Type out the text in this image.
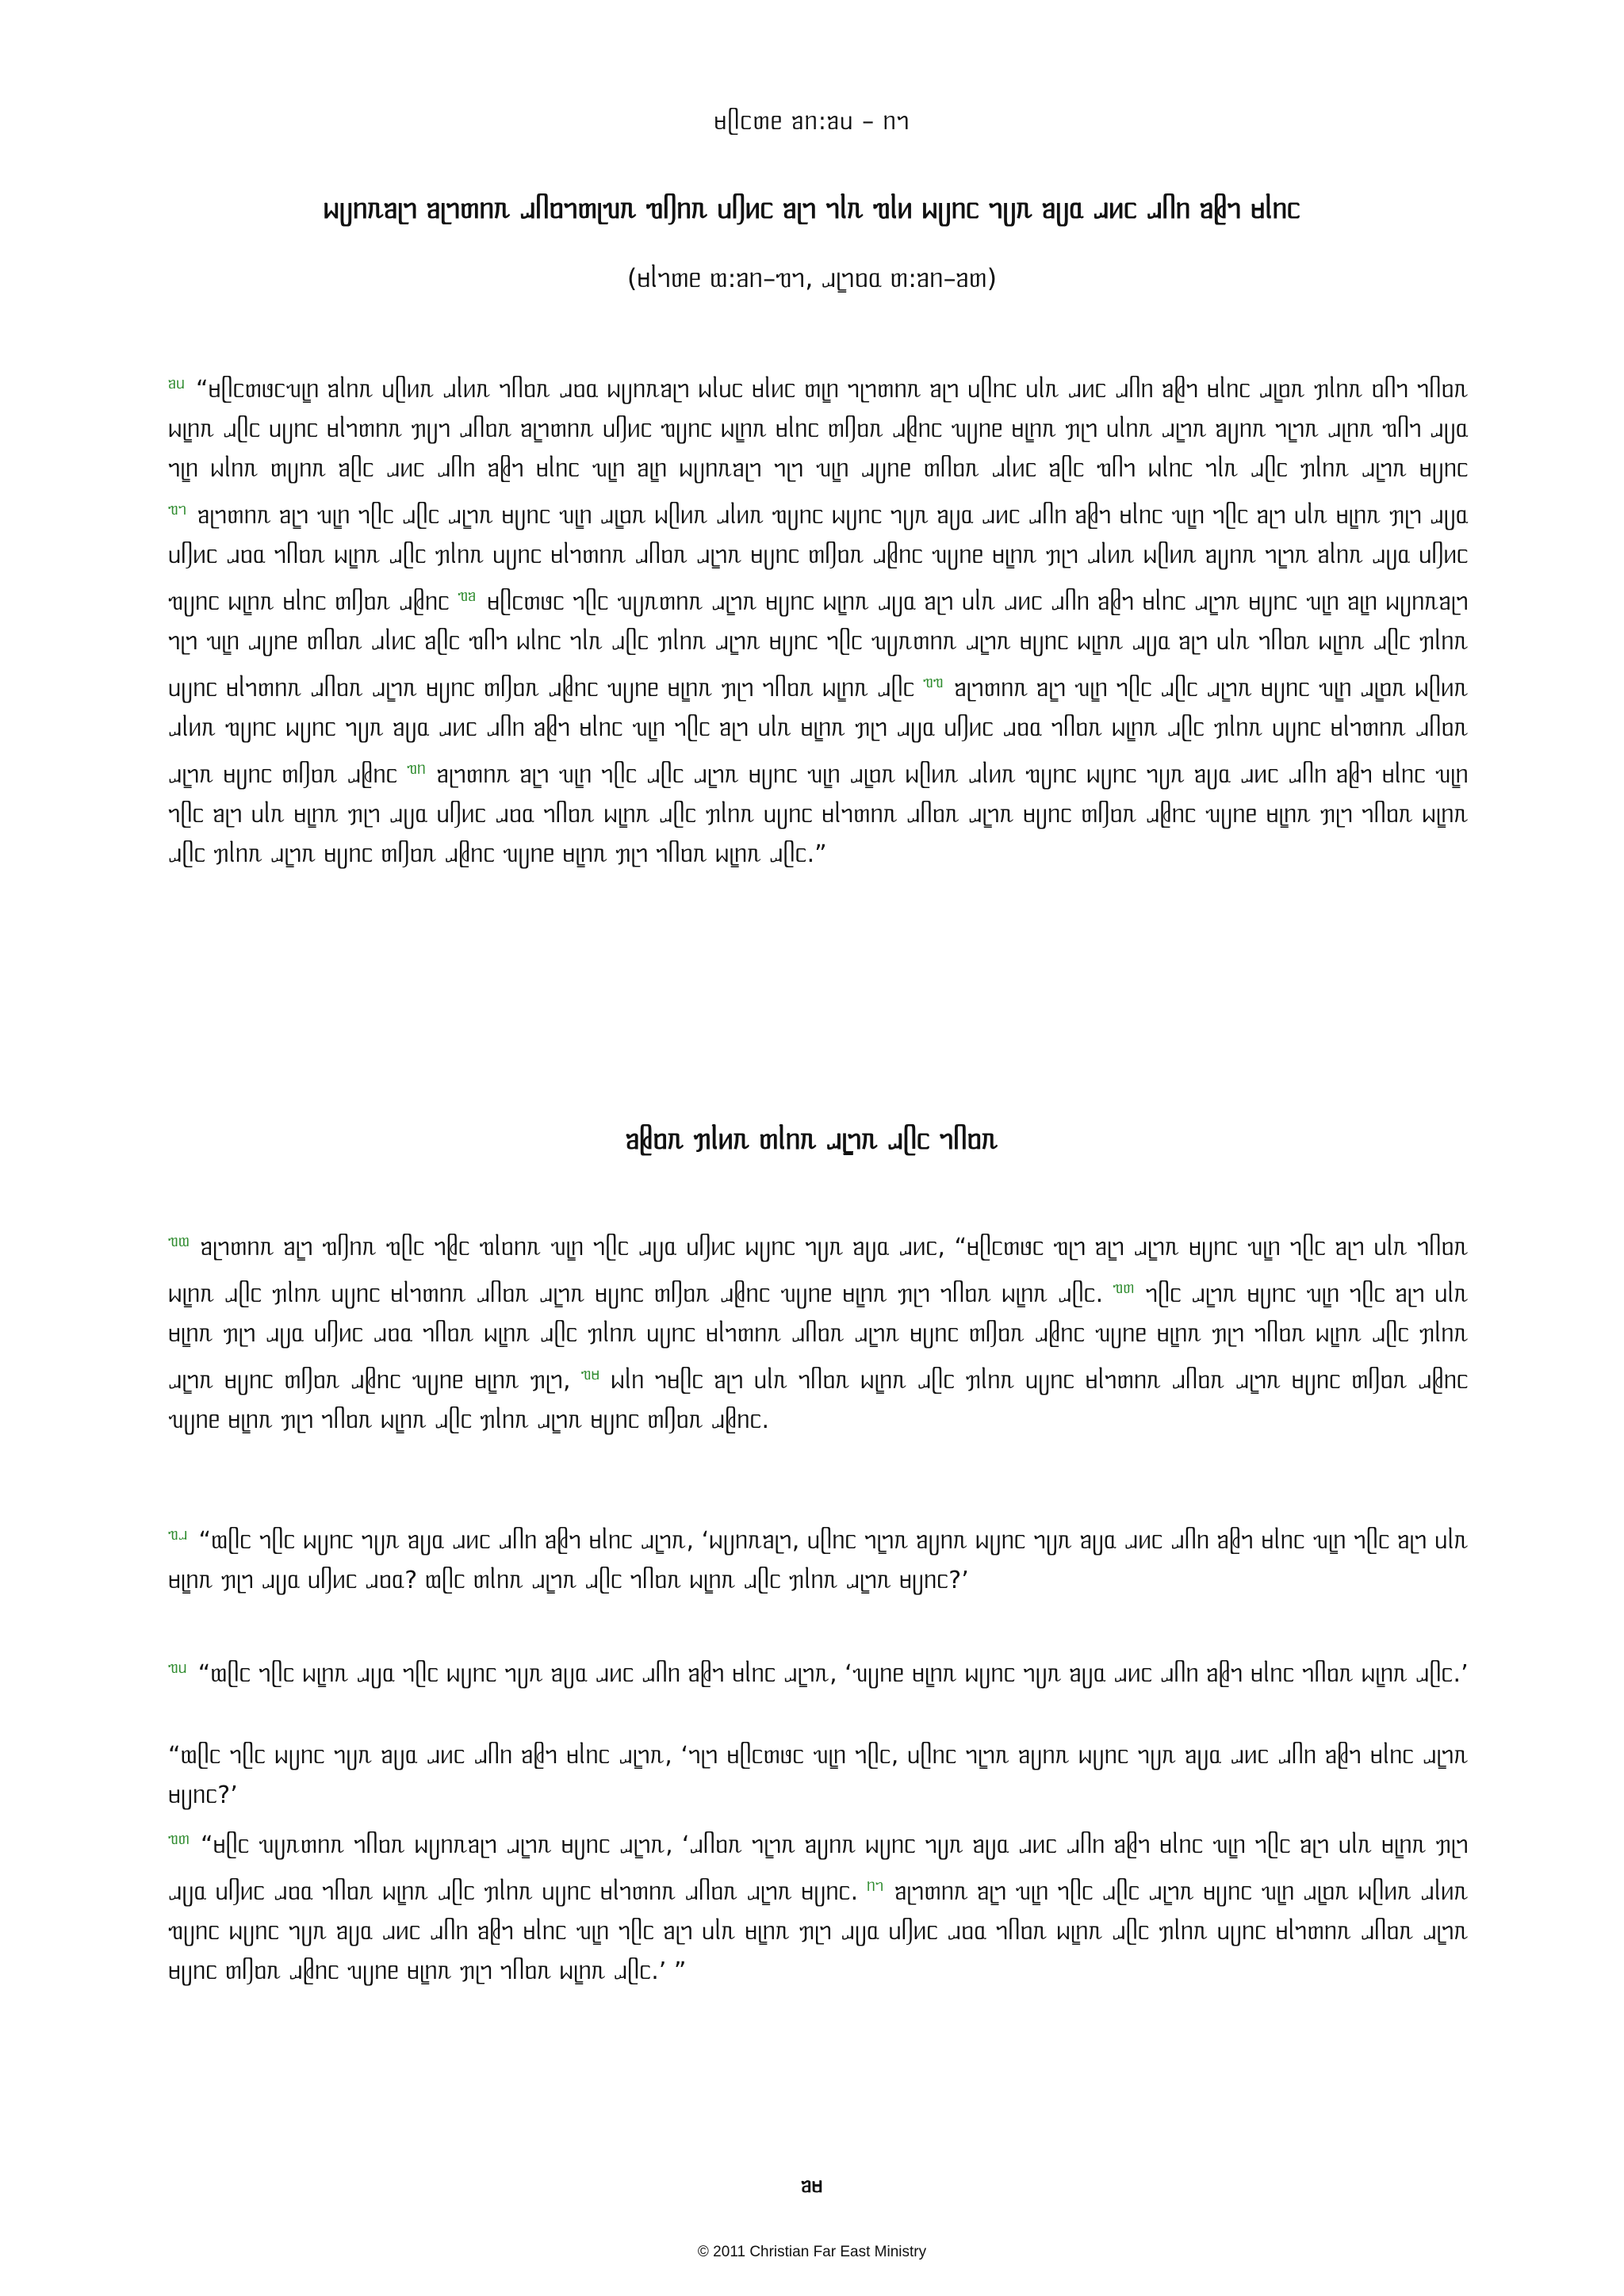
ᥛᥫᥴᥖᥱ ᥑᥒ:ᥑᥙ – ᥒᥐ
ᥕᥩᥒᥰᥑᥨᥐ ᥑᥨᥐᥖᥒᥰ ᥘᥥᥝᥐᥖᥨᥔᥰ ᥓᥦᥒᥰ ᥙᥦᥢᥴ ᥑᥨᥐ ᥐᥣᥰ ᥓᥣᥢ ᥕᥩᥒᥴ ᥐᥩᥰ ᥑᥩᥲ ᥘᥢᥴ ᥘᥥᥒ ᥑᥪᥐ ᥛᥣᥒᥴ
(ᥛᥣᥐᥖᥱ ᥗ:ᥑᥒ–ᥓᥐ, ᥘᥧᥐᥝᥲ ᥖ:ᥑᥒ–ᥑᥖ)
$^{ᥑᥙ}$ “ᥛᥫᥴᥖᥳᥴᥔᥧᥒ ᥑᥣᥒᥰ ᥙᥫᥢᥰ ᥘᥣᥢᥰ ᥐᥥᥝᥰ ᥘᥝᥲ ᥕᥩᥒᥰᥑᥨᥐ ᥕᥣᥙᥴ ᥛᥣᥢᥴ ᥖᥧᥒ ᥐᥨᥐᥖᥒᥰ ᥑᥨᥐ ᥙᥫᥒᥴ ᥙᥣᥰ ᥘᥢᥴ ᥘᥥᥒ ᥑᥪᥐ ᥛᥣᥒᥴ ᥘᥧᥝᥰ ᥟᥣᥒᥰ ᥝᥥᥐ ᥐᥥᥝᥰ ᥕᥧᥒᥰ ᥘᥫᥴ ᥙᥩᥒᥴ ᥛᥣᥐᥖᥒᥰ ᥟᥩᥐ ᥘᥥᥝᥰ ᥑᥧᥐᥖᥒᥰ ᥙᥦᥢᥴ ᥓᥩᥒᥴ ᥕᥧᥒᥰ ᥛᥣᥒᥴ ᥖᥦᥝᥰ ᥘᥪᥒᥴ ᥔᥩᥒᥱ ᥛᥧᥒᥰ ᥟᥨᥐ ᥙᥣᥒᥰ ᥘᥧᥐᥰ ᥑᥩᥒᥰ ᥐᥧᥐᥰ ᥘᥨᥒᥰ ᥓᥥᥐ ᥘᥩᥲ ᥐᥧᥒ ᥕᥣᥒᥰ ᥖᥩᥒᥰ ᥑᥫᥴ ᥘᥢᥴ ᥘᥥᥒ ᥑᥪᥐ ᥛᥣᥒᥴ ᥔᥧᥒ ᥑᥧᥒ ᥕᥩᥒᥰᥑᥨᥐ ᥐᥨᥐ ᥔᥧᥒ ᥘᥩᥒᥱ ᥖᥥᥝᥰ ᥘᥣᥢᥴ ᥑᥫᥴ ᥓᥥᥐ ᥕᥣᥒᥴ ᥐᥣᥰ ᥘᥫᥴ ᥟᥣᥒᥰ ᥘᥧᥐᥰ ᥛᥩᥒᥴ $^{ᥓᥐ}$ ᥑᥨᥐᥖᥒᥰ ᥑᥧᥐ ᥔᥧᥒ ᥐᥫᥴ ᥘᥫᥴ ᥘᥧᥐᥰ ᥛᥩᥒᥴ ᥔᥧᥒ ᥘᥧᥝᥰ ᥕᥫᥢᥰ ᥘᥣᥢᥰ ᥓᥩᥒᥴ ᥕᥩᥒᥴ ᥐᥩᥰ ᥑᥩᥲ ᥘᥢᥴ ᥘᥥᥒ ᥑᥪᥐ ᥛᥣᥒᥴ ᥔᥧᥒ ᥐᥫᥴ ᥑᥨᥐ ᥙᥣᥰ ᥛᥧᥒᥰ ᥟᥨᥐ ᥘᥩᥲ ᥙᥦᥢᥴ ᥘᥝᥲ ᥐᥥᥝᥰ ᥕᥧᥒᥰ ᥘᥫᥴ ᥟᥣᥒᥰ ᥙᥩᥒᥴ ᥛᥣᥐᥖᥒᥰ ᥘᥥᥝᥰ ᥘᥧᥐᥰ ᥛᥩᥒᥴ ᥖᥦᥝᥰ ᥘᥪᥒᥴ ᥔᥩᥒᥱ ᥛᥧᥒᥰ ᥟᥨᥐ ᥘᥣᥢᥰ ᥕᥫᥢᥰ ᥑᥩᥒᥰ ᥐᥧᥐᥰ ᥑᥣᥒᥰ ᥘᥩᥲ ᥙᥦᥢᥴ ᥓᥩᥒᥴ ᥕᥧᥒᥰ ᥛᥣᥒᥴ ᥖᥦᥝᥰ ᥘᥪᥒᥴ $^{ᥓᥑ}$ ᥛᥫᥴᥖᥳᥴ ᥐᥫᥴ ᥔᥩᥰᥖᥒᥰ ᥘᥧᥐᥰ ᥛᥩᥒᥴ ᥕᥧᥒᥰ ᥘᥩᥲ ᥑᥨᥐ ᥙᥣᥰ ᥘᥢᥴ ᥘᥥᥒ ᥑᥪᥐ ᥛᥣᥒᥴ ᥘᥧᥐᥰ ᥛᥩᥒᥴ ᥔᥧᥒ ᥑᥧᥒ ᥕᥩᥒᥰᥑᥨᥐ ᥐᥨᥐ ᥔᥧᥒ ᥘᥩᥒᥱ ᥖᥥᥝᥰ ᥘᥣᥢᥴ ᥑᥫᥴ ᥓᥥᥐ ᥕᥣᥒᥴ ᥐᥣᥰ ᥘᥫᥴ ᥟᥣᥒᥰ ᥘᥧᥐᥰ ᥛᥩᥒᥴ ᥐᥫᥴ ᥔᥩᥰᥖᥒᥰ ᥘᥧᥐᥰ ᥛᥩᥒᥴ ᥕᥧᥒᥰ ᥘᥩᥲ ᥑᥨᥐ ᥙᥣᥰ ᥐᥥᥝᥰ ᥕᥧᥒᥰ ᥘᥫᥴ ᥟᥣᥒᥰ ᥙᥩᥒᥴ ᥛᥣᥐᥖᥒᥰ ᥘᥥᥝᥰ ᥘᥧᥐᥰ ᥛᥩᥒᥴ ᥖᥦᥝᥰ ᥘᥪᥒᥴ ᥔᥩᥒᥱ ᥛᥧᥒᥰ ᥟᥨᥐ ᥐᥥᥝᥰ ᥕᥧᥒᥰ ᥘᥫᥴ $^{ᥓᥓ}$ ᥑᥨᥐᥖᥒᥰ ᥑᥧᥐ ᥔᥧᥒ ᥐᥫᥴ ᥘᥫᥴ ᥘᥧᥐᥰ ᥛᥩᥒᥴ ᥔᥧᥒ ᥘᥧᥝᥰ ᥕᥫᥢᥰ ᥘᥣᥢᥰ ᥓᥩᥒᥴ ᥕᥩᥒᥴ ᥐᥩᥰ ᥑᥩᥲ ᥘᥢᥴ ᥘᥥᥒ ᥑᥪᥐ ᥛᥣᥒᥴ ᥔᥧᥒ ᥐᥫᥴ ᥑᥨᥐ ᥙᥣᥰ ᥛᥧᥒᥰ ᥟᥨᥐ ᥘᥩᥲ ᥙᥦᥢᥴ ᥘᥝᥲ ᥐᥥᥝᥰ ᥕᥧᥒᥰ ᥘᥫᥴ ᥟᥣᥒᥰ ᥙᥩᥒᥴ ᥛᥣᥐᥖᥒᥰ ᥘᥥᥝᥰ ᥘᥧᥐᥰ ᥛᥩᥒᥴ ᥖᥦᥝᥰ ᥘᥪᥒᥴ $^{ᥓᥒ}$ ᥑᥨᥐᥖᥒᥰ ᥑᥧᥐ ᥔᥧᥒ ᥐᥫᥴ ᥘᥫᥴ ᥘᥧᥐᥰ ᥛᥩᥒᥴ ᥔᥧᥒ ᥘᥧᥝᥰ ᥕᥫᥢᥰ ᥘᥣᥢᥰ ᥓᥩᥒᥴ ᥕᥩᥒᥴ ᥐᥩᥰ ᥑᥩᥲ ᥘᥢᥴ ᥘᥥᥒ ᥑᥪᥐ ᥛᥣᥒᥴ ᥔᥧᥒ ᥐᥫᥴ ᥑᥨᥐ ᥙᥣᥰ ᥛᥧᥒᥰ ᥟᥨᥐ ᥘᥩᥲ ᥙᥦᥢᥴ ᥘᥝᥲ ᥐᥥᥝᥰ ᥕᥧᥒᥰ ᥘᥫᥴ ᥟᥣᥒᥰ ᥙᥩᥒᥴ ᥛᥣᥐᥖᥒᥰ ᥘᥥᥝᥰ ᥘᥧᥐᥰ ᥛᥩᥒᥴ ᥖᥦᥝᥰ ᥘᥪᥒᥴ ᥔᥩᥒᥱ ᥛᥧᥒᥰ ᥟᥨᥐ ᥐᥥᥝᥰ ᥕᥧᥒᥰ ᥘᥫᥴ ᥟᥣᥒᥰ ᥘᥧᥐᥰ ᥛᥩᥒᥴ ᥖᥦᥝᥰ ᥘᥪᥒᥴ ᥔᥩᥒᥱ ᥛᥧᥒᥰ ᥟᥨᥐ ᥐᥥᥝᥰ ᥕᥧᥒᥰ ᥘᥫᥴ.”
ᥑᥪᥝᥰ ᥟᥣᥢᥰ ᥖᥣᥒᥰ ᥘᥧᥐᥰ ᥘᥫᥴ ᥐᥥᥝᥰ
$^{ᥓᥗ}$ ᥑᥨᥐᥖᥒᥰ ᥑᥧᥐ ᥓᥦᥒᥰ ᥓᥫᥴ ᥐᥪᥴ ᥓᥣᥝᥒᥰ ᥔᥧᥒ ᥐᥫᥴ ᥘᥩᥲ ᥙᥦᥢᥴ ᥕᥩᥒᥴ ᥐᥩᥰ ᥑᥩᥲ ᥘᥢᥴ, “ᥛᥫᥴᥖᥳᥴ ᥓᥨᥐ ᥑᥧᥐ ᥘᥧᥐᥰ ᥛᥩᥒᥴ ᥔᥧᥒ ᥐᥫᥴ ᥑᥨᥐ ᥙᥣᥰ ᥐᥥᥝᥰ ᥕᥧᥒᥰ ᥘᥫᥴ ᥟᥣᥒᥰ ᥙᥩᥒᥴ ᥛᥣᥐᥖᥒᥰ ᥘᥥᥝᥰ ᥘᥧᥐᥰ ᥛᥩᥒᥴ ᥖᥦᥝᥰ ᥘᥪᥒᥴ ᥔᥩᥒᥱ ᥛᥧᥒᥰ ᥟᥨᥐ ᥐᥥᥝᥰ ᥕᥧᥒᥰ ᥘᥫᥴ. $^{ᥓᥖ}$ ᥐᥫᥴ ᥘᥧᥐᥰ ᥛᥩᥒᥴ ᥔᥧᥒ ᥐᥫᥴ ᥑᥨᥐ ᥙᥣᥰ ᥛᥧᥒᥰ ᥟᥨᥐ ᥘᥩᥲ ᥙᥦᥢᥴ ᥘᥝᥲ ᥐᥥᥝᥰ ᥕᥧᥒᥰ ᥘᥫᥴ ᥟᥣᥒᥰ ᥙᥩᥒᥴ ᥛᥣᥐᥖᥒᥰ ᥘᥥᥝᥰ ᥘᥧᥐᥰ ᥛᥩᥒᥴ ᥖᥦᥝᥰ ᥘᥪᥒᥴ ᥔᥩᥒᥱ ᥛᥧᥒᥰ ᥟᥨᥐ ᥐᥥᥝᥰ ᥕᥧᥒᥰ ᥘᥫᥴ ᥟᥣᥒᥰ ᥘᥧᥐᥰ ᥛᥩᥒᥴ ᥖᥦᥝᥰ ᥘᥪᥒᥴ ᥔᥩᥒᥱ ᥛᥧᥒᥰ ᥟᥨᥐ, $^{ᥓᥛ}$ ᥕᥣᥒ ᥐᥛᥫᥴ ᥑᥨᥐ ᥙᥣᥰ ᥐᥥᥝᥰ ᥕᥧᥒᥰ ᥘᥫᥴ ᥟᥣᥒᥰ ᥙᥩᥒᥴ ᥛᥣᥐᥖᥒᥰ ᥘᥥᥝᥰ ᥘᥧᥐᥰ ᥛᥩᥒᥴ ᥖᥦᥝᥰ ᥘᥪᥒᥴ ᥔᥩᥒᥱ ᥛᥧᥒᥰ ᥟᥨᥐ ᥐᥥᥝᥰ ᥕᥧᥒᥰ ᥘᥫᥴ ᥟᥣᥒᥰ ᥘᥧᥐᥰ ᥛᥩᥒᥴ ᥖᥦᥝᥰ ᥘᥪᥒᥴ.
$^{ᥓᥘ}$ “ᥗᥫᥴ ᥐᥫᥴ ᥕᥩᥒᥴ ᥐᥩᥰ ᥑᥩᥲ ᥘᥢᥴ ᥘᥥᥒ ᥑᥪᥐ ᥛᥣᥒᥴ ᥘᥧᥐᥰ, ‘ᥕᥩᥒᥰᥑᥨᥐ, ᥙᥫᥒᥴ ᥐᥧᥐᥰ ᥑᥩᥒᥰ ᥕᥩᥒᥴ ᥐᥩᥰ ᥑᥩᥲ ᥘᥢᥴ ᥘᥥᥒ ᥑᥪᥐ ᥛᥣᥒᥴ ᥔᥧᥒ ᥐᥫᥴ ᥑᥨᥐ ᥙᥣᥰ ᥛᥧᥒᥰ ᥟᥨᥐ ᥘᥩᥲ ᥙᥦᥢᥴ ᥘᥝᥲ? ᥗᥫᥴ ᥖᥣᥒᥰ ᥘᥧᥐᥰ ᥘᥫᥴ ᥐᥥᥝᥰ ᥕᥧᥒᥰ ᥘᥫᥴ ᥟᥣᥒᥰ ᥘᥧᥐᥰ ᥛᥩᥒᥴ?’
$^{ᥓᥙ}$ “ᥗᥫᥴ ᥐᥫᥴ ᥕᥧᥒᥰ ᥘᥩᥲ ᥐᥫᥴ ᥕᥩᥒᥴ ᥐᥩᥰ ᥑᥩᥲ ᥘᥢᥴ ᥘᥥᥒ ᥑᥪᥐ ᥛᥣᥒᥴ ᥘᥧᥐᥰ, ‘ᥔᥩᥒᥱ ᥛᥧᥒᥰ ᥕᥩᥒᥴ ᥐᥩᥰ ᥑᥩᥲ ᥘᥢᥴ ᥘᥥᥒ ᥑᥪᥐ ᥛᥣᥒᥴ ᥐᥥᥝᥰ ᥕᥧᥒᥰ ᥘᥫᥴ.’
“ᥗᥫᥴ ᥐᥫᥴ ᥕᥩᥒᥴ ᥐᥩᥰ ᥑᥩᥲ ᥘᥢᥴ ᥘᥥᥒ ᥑᥪᥐ ᥛᥣᥒᥴ ᥘᥧᥐᥰ, ‘ᥐᥨᥐ ᥛᥫᥴᥖᥳᥴ ᥔᥧᥒ ᥐᥫᥴ, ᥙᥫᥒᥴ ᥐᥧᥐᥰ ᥑᥩᥒᥰ ᥕᥩᥒᥴ ᥐᥩᥰ ᥑᥩᥲ ᥘᥢᥴ ᥘᥥᥒ ᥑᥪᥐ ᥛᥣᥒᥴ ᥘᥧᥐᥰ ᥛᥩᥒᥴ?’
$^{ᥓᥖ}$ “ᥛᥫᥴ ᥔᥩᥰᥖᥒᥰ ᥐᥥᥝᥰ ᥕᥩᥒᥰᥑᥨᥐ ᥘᥧᥐᥰ ᥛᥩᥒᥴ ᥘᥧᥐᥰ, ‘ᥘᥥᥝᥰ ᥐᥧᥐᥰ ᥑᥩᥒᥰ ᥕᥩᥒᥴ ᥐᥩᥰ ᥑᥩᥲ ᥘᥢᥴ ᥘᥥᥒ ᥑᥪᥐ ᥛᥣᥒᥴ ᥔᥧᥒ ᥐᥫᥴ ᥑᥨᥐ ᥙᥣᥰ ᥛᥧᥒᥰ ᥟᥨᥐ ᥘᥩᥲ ᥙᥦᥢᥴ ᥘᥝᥲ ᥐᥥᥝᥰ ᥕᥧᥒᥰ ᥘᥫᥴ ᥟᥣᥒᥰ ᥙᥩᥒᥴ ᥛᥣᥐᥖᥒᥰ ᥘᥥᥝᥰ ᥘᥧᥐᥰ ᥛᥩᥒᥴ. $^{ᥒᥐ}$ ᥑᥨᥐᥖᥒᥰ ᥑᥧᥐ ᥔᥧᥒ ᥐᥫᥴ ᥘᥫᥴ ᥘᥧᥐᥰ ᥛᥩᥒᥴ ᥔᥧᥒ ᥘᥧᥝᥰ ᥕᥫᥢᥰ ᥘᥣᥢᥰ ᥓᥩᥒᥴ ᥕᥩᥒᥴ ᥐᥩᥰ ᥑᥩᥲ ᥘᥢᥴ ᥘᥥᥒ ᥑᥪᥐ ᥛᥣᥒᥴ ᥔᥧᥒ ᥐᥫᥴ ᥑᥨᥐ ᥙᥣᥰ ᥛᥧᥒᥰ ᥟᥨᥐ ᥘᥩᥲ ᥙᥦᥢᥴ ᥘᥝᥲ ᥐᥥᥝᥰ ᥕᥧᥒᥰ ᥘᥫᥴ ᥟᥣᥒᥰ ᥙᥩᥒᥴ ᥛᥣᥐᥖᥒᥰ ᥘᥥᥝᥰ ᥘᥧᥐᥰ ᥛᥩᥒᥴ ᥖᥦᥝᥰ ᥘᥪᥒᥴ ᥔᥩᥒᥱ ᥛᥧᥒᥰ ᥟᥨᥐ ᥐᥥᥝᥰ ᥕᥧᥒᥰ ᥘᥫᥴ.’ ”
ᥑᥛ
© 2011 Christian Far East Ministry
